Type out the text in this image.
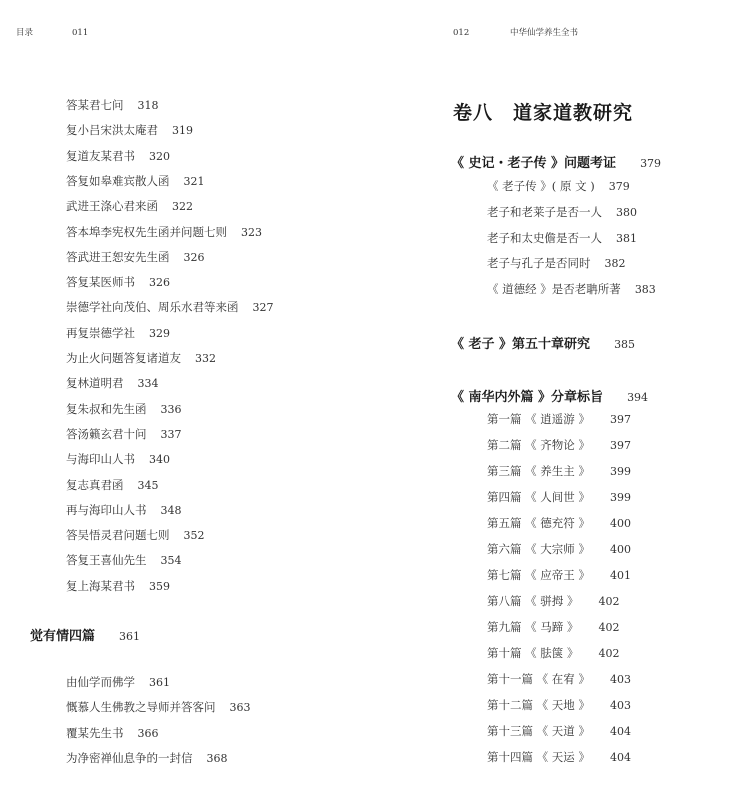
目录	011
答某君七问 318
复小吕宋洪太庵君 319
复道友某君书 320
答复如皋难宾散人函 321
武进王涤心君来函 322
答本埠李宪权先生函并问题七则 323
答武进王恕安先生函 326
答复某医师书 326
崇德学社向茂伯、周乐水君等来函 327
再复崇德学社 329
为止火问题答复诸道友 332
复林道明君 334
复朱叔和先生函 336
答汤籁玄君十问 337
与海印山人书 340
复志真君函 345
再与海印山人书 348
答吴悟灵君问题七则 352
答复王喜仙先生 354
复上海某君书 359
觉有情四篇 361
由仙学而佛学 361
慨慕人生佛教之导师并答客问 363
覆某先生书 366
为净密禅仙息争的一封信 368
012	中华仙学养生全书
卷八 道家道教研究
《 史记・老子传 》问题考证 379
《 老子传 》( 原 文 ) 379
老子和老莱子是否一人 380
老子和太史儋是否一人 381
老子与孔子是否同时 382
《 道德经 》是否老聃所著 383
《 老子 》第五十章研究 385
《 南华内外篇 》分章标旨 394
第一篇 《 逍遥游 》 397
第二篇 《 齐物论 》 397
第三篇 《 养生主 》 399
第四篇 《 人间世 》 399
第五篇 《 德充符 》 400
第六篇 《 大宗师 》 400
第七篇 《 应帝王 》 401
第八篇 《 骈拇 》 402
第九篇 《 马蹄 》 402
第十篇 《 胠箧 》 402
第十一篇 《 在宥 》 403
第十二篇 《 天地 》 403
第十三篇 《 天道 》 404
第十四篇 《 天运 》 404
